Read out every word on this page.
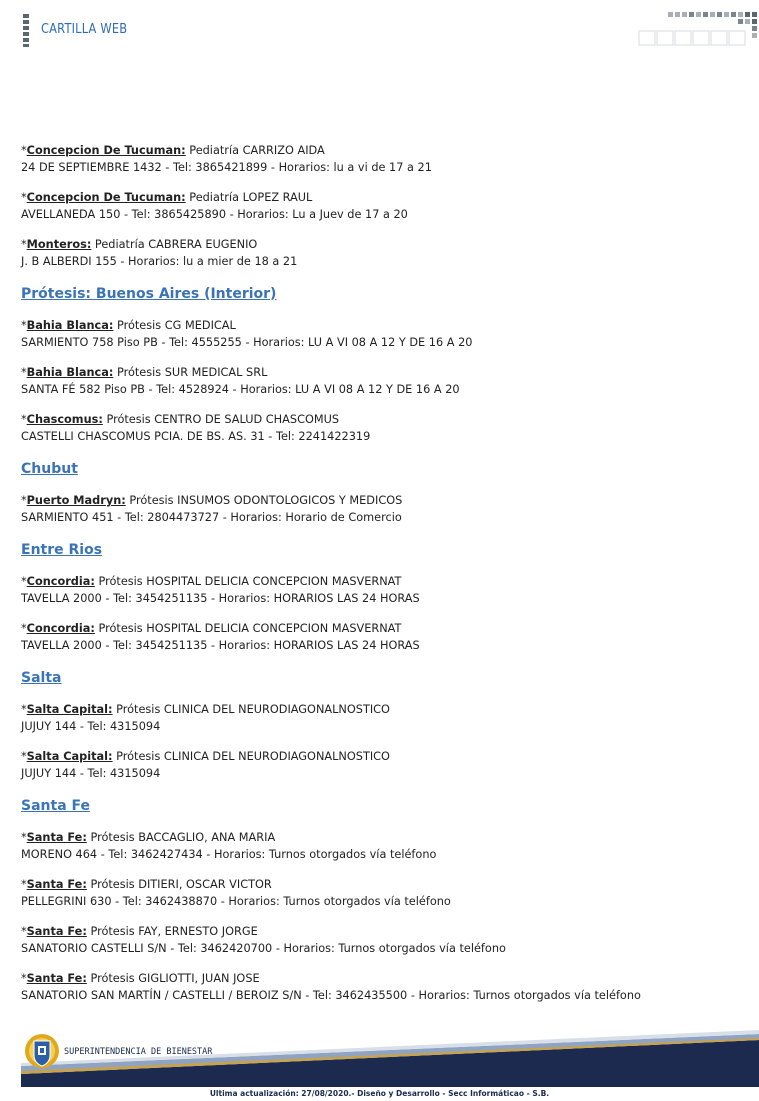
CARTILLA WEB
*Concepcion De Tucuman: Pediatría CARRIZO AIDA
24 DE SEPTIEMBRE 1432 - Tel: 3865421899 - Horarios: lu a vi de 17 a 21
*Concepcion De Tucuman: Pediatría LOPEZ RAUL
AVELLANEDA 150 - Tel: 3865425890 - Horarios: Lu a Juev de 17 a 20
*Monteros: Pediatría CABRERA EUGENIO
J. B ALBERDI 155 - Horarios: lu a mier de 18 a 21
Prótesis: Buenos Aires (Interior)
*Bahia Blanca: Prótesis CG MEDICAL
SARMIENTO 758 Piso PB - Tel: 4555255 - Horarios: LU A VI 08 A 12 Y DE 16 A 20
*Bahia Blanca: Prótesis SUR MEDICAL SRL
SANTA FÉ 582 Piso PB - Tel: 4528924 - Horarios: LU A VI 08 A 12 Y DE 16 A 20
*Chascomus: Prótesis CENTRO DE SALUD CHASCOMUS
CASTELLI CHASCOMUS PCIA. DE BS. AS. 31 - Tel: 2241422319
Chubut
*Puerto Madryn: Prótesis INSUMOS ODONTOLOGICOS Y MEDICOS
SARMIENTO 451 - Tel: 2804473727 - Horarios: Horario de Comercio
Entre Rios
*Concordia: Prótesis HOSPITAL DELICIA CONCEPCION MASVERNAT
TAVELLA 2000 - Tel: 3454251135 - Horarios: HORARIOS LAS 24 HORAS
*Concordia: Prótesis HOSPITAL DELICIA CONCEPCION MASVERNAT
TAVELLA 2000 - Tel: 3454251135 - Horarios: HORARIOS LAS 24 HORAS
Salta
*Salta Capital: Prótesis CLINICA DEL NEURODIAGONALNOSTICO
JUJUY 144 - Tel: 4315094
*Salta Capital: Prótesis CLINICA DEL NEURODIAGONALNOSTICO
JUJUY 144 - Tel: 4315094
Santa Fe
*Santa Fe: Prótesis BACCAGLIO, ANA MARIA
MORENO 464 - Tel: 3462427434 - Horarios: Turnos otorgados vía teléfono
*Santa Fe: Prótesis DITIERI, OSCAR VICTOR
PELLEGRINI 630 - Tel: 3462438870 - Horarios: Turnos otorgados vía teléfono
*Santa Fe: Prótesis FAY, ERNESTO JORGE
SANATORIO CASTELLI S/N - Tel: 3462420700 - Horarios: Turnos otorgados vía teléfono
*Santa Fe: Prótesis GIGLIOTTI, JUAN JOSE
SANATORIO SAN MARTÍN / CASTELLI / BEROIZ S/N - Tel: 3462435500 - Horarios: Turnos otorgados vía teléfono
SUPERINTENDENCIA DE BIENESTAR
Ultima actualización: 27/08/2020.- Diseño y Desarrollo - Secc Informáticao - S.B.
